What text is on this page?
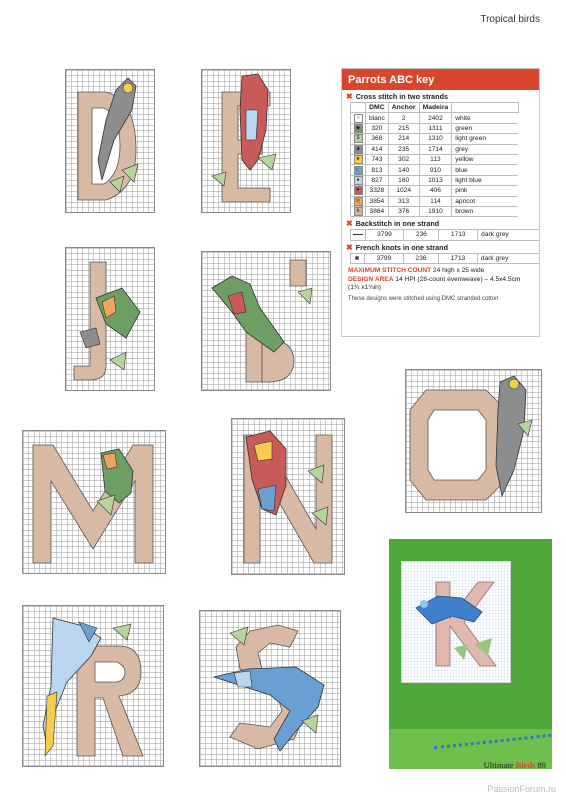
Tropical birds
Parrots ABC key
✖ Cross stitch in two strands
	DMC	Anchor	Madeira	
∩	blanc	2	2402	white
◆	320	215	1311	green
$	368	214	1310	light green
■	414	235	1714	grey
★	743	302	113	yellow
☾	813	140	910	blue
●	827	160	1013	light blue
♥	3328	1024	406	pink
⊙	3854	313	114	apricot
b	3864	376	1910	brown
✖ Backstitch in one strand
	3799	236	1713	dark grey
✖ French knots in one strand
	3799	236	1713	dark grey
MAXIMUM STITCH COUNT 24 high x 25 wide
DESIGN AREA 14 HPI (28-count evenweave) – 4.5x4.5cm (1¾ x1¾in)
These designs were stitched using DMC stranded cotton
Ultimate Birds 89
PassionForum.ru
